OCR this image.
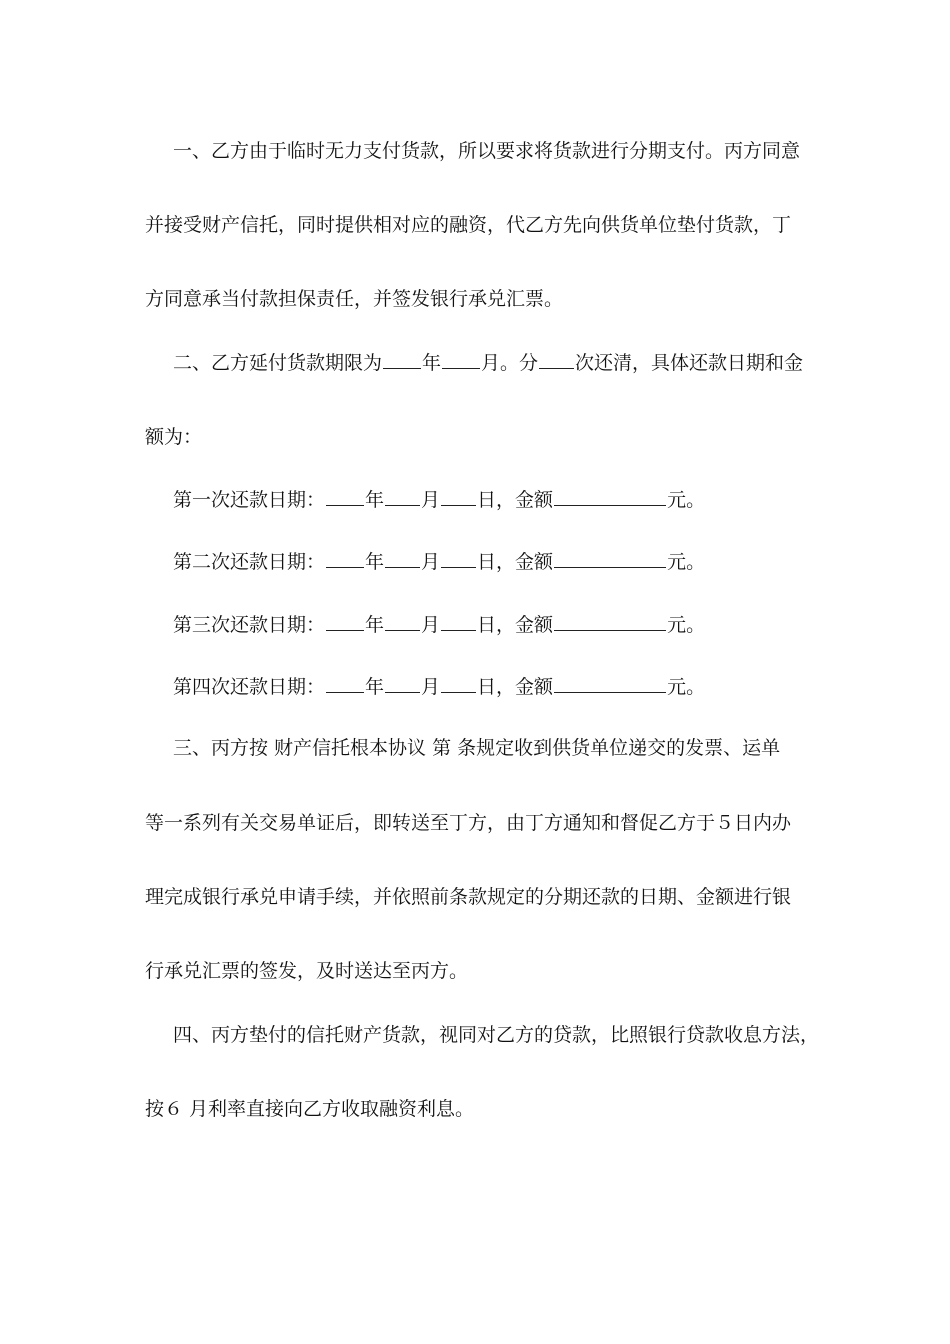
一、乙方由于临时无力支付货款，所以要求将货款进行分期支付。丙方同意
并接受财产信托，同时提供相对应的融资，代乙方先向供货单位垫付货款，丁
方同意承当付款担保责任，并签发银行承兑汇票。
二、乙方延付货款期限为 年 月。分 次还清，具体还款日期和金
额为：
第一次还款日期： 年 月 日，金额	元。
第二次还款日期： 年 月 日，金额	元。
第三次还款日期： 年 月 日，金额	元。
第四次还款日期： 年 月 日，金额	元。
三、丙方按 财产信托根本协议 第 条规定收到供货单位递交的发票、运单
等一系列有关交易单证后，即转送至丁方，由丁方通知和督促乙方于５日内办
理完成银行承兑申请手续，并依照前条款规定的分期还款的日期、金额进行银
行承兑汇票的签发，及时送达至丙方。
四、丙方垫付的信托财产货款，视同对乙方的贷款，比照银行贷款收息方法，
按６ 月利率直接向乙方收取融资利息。
